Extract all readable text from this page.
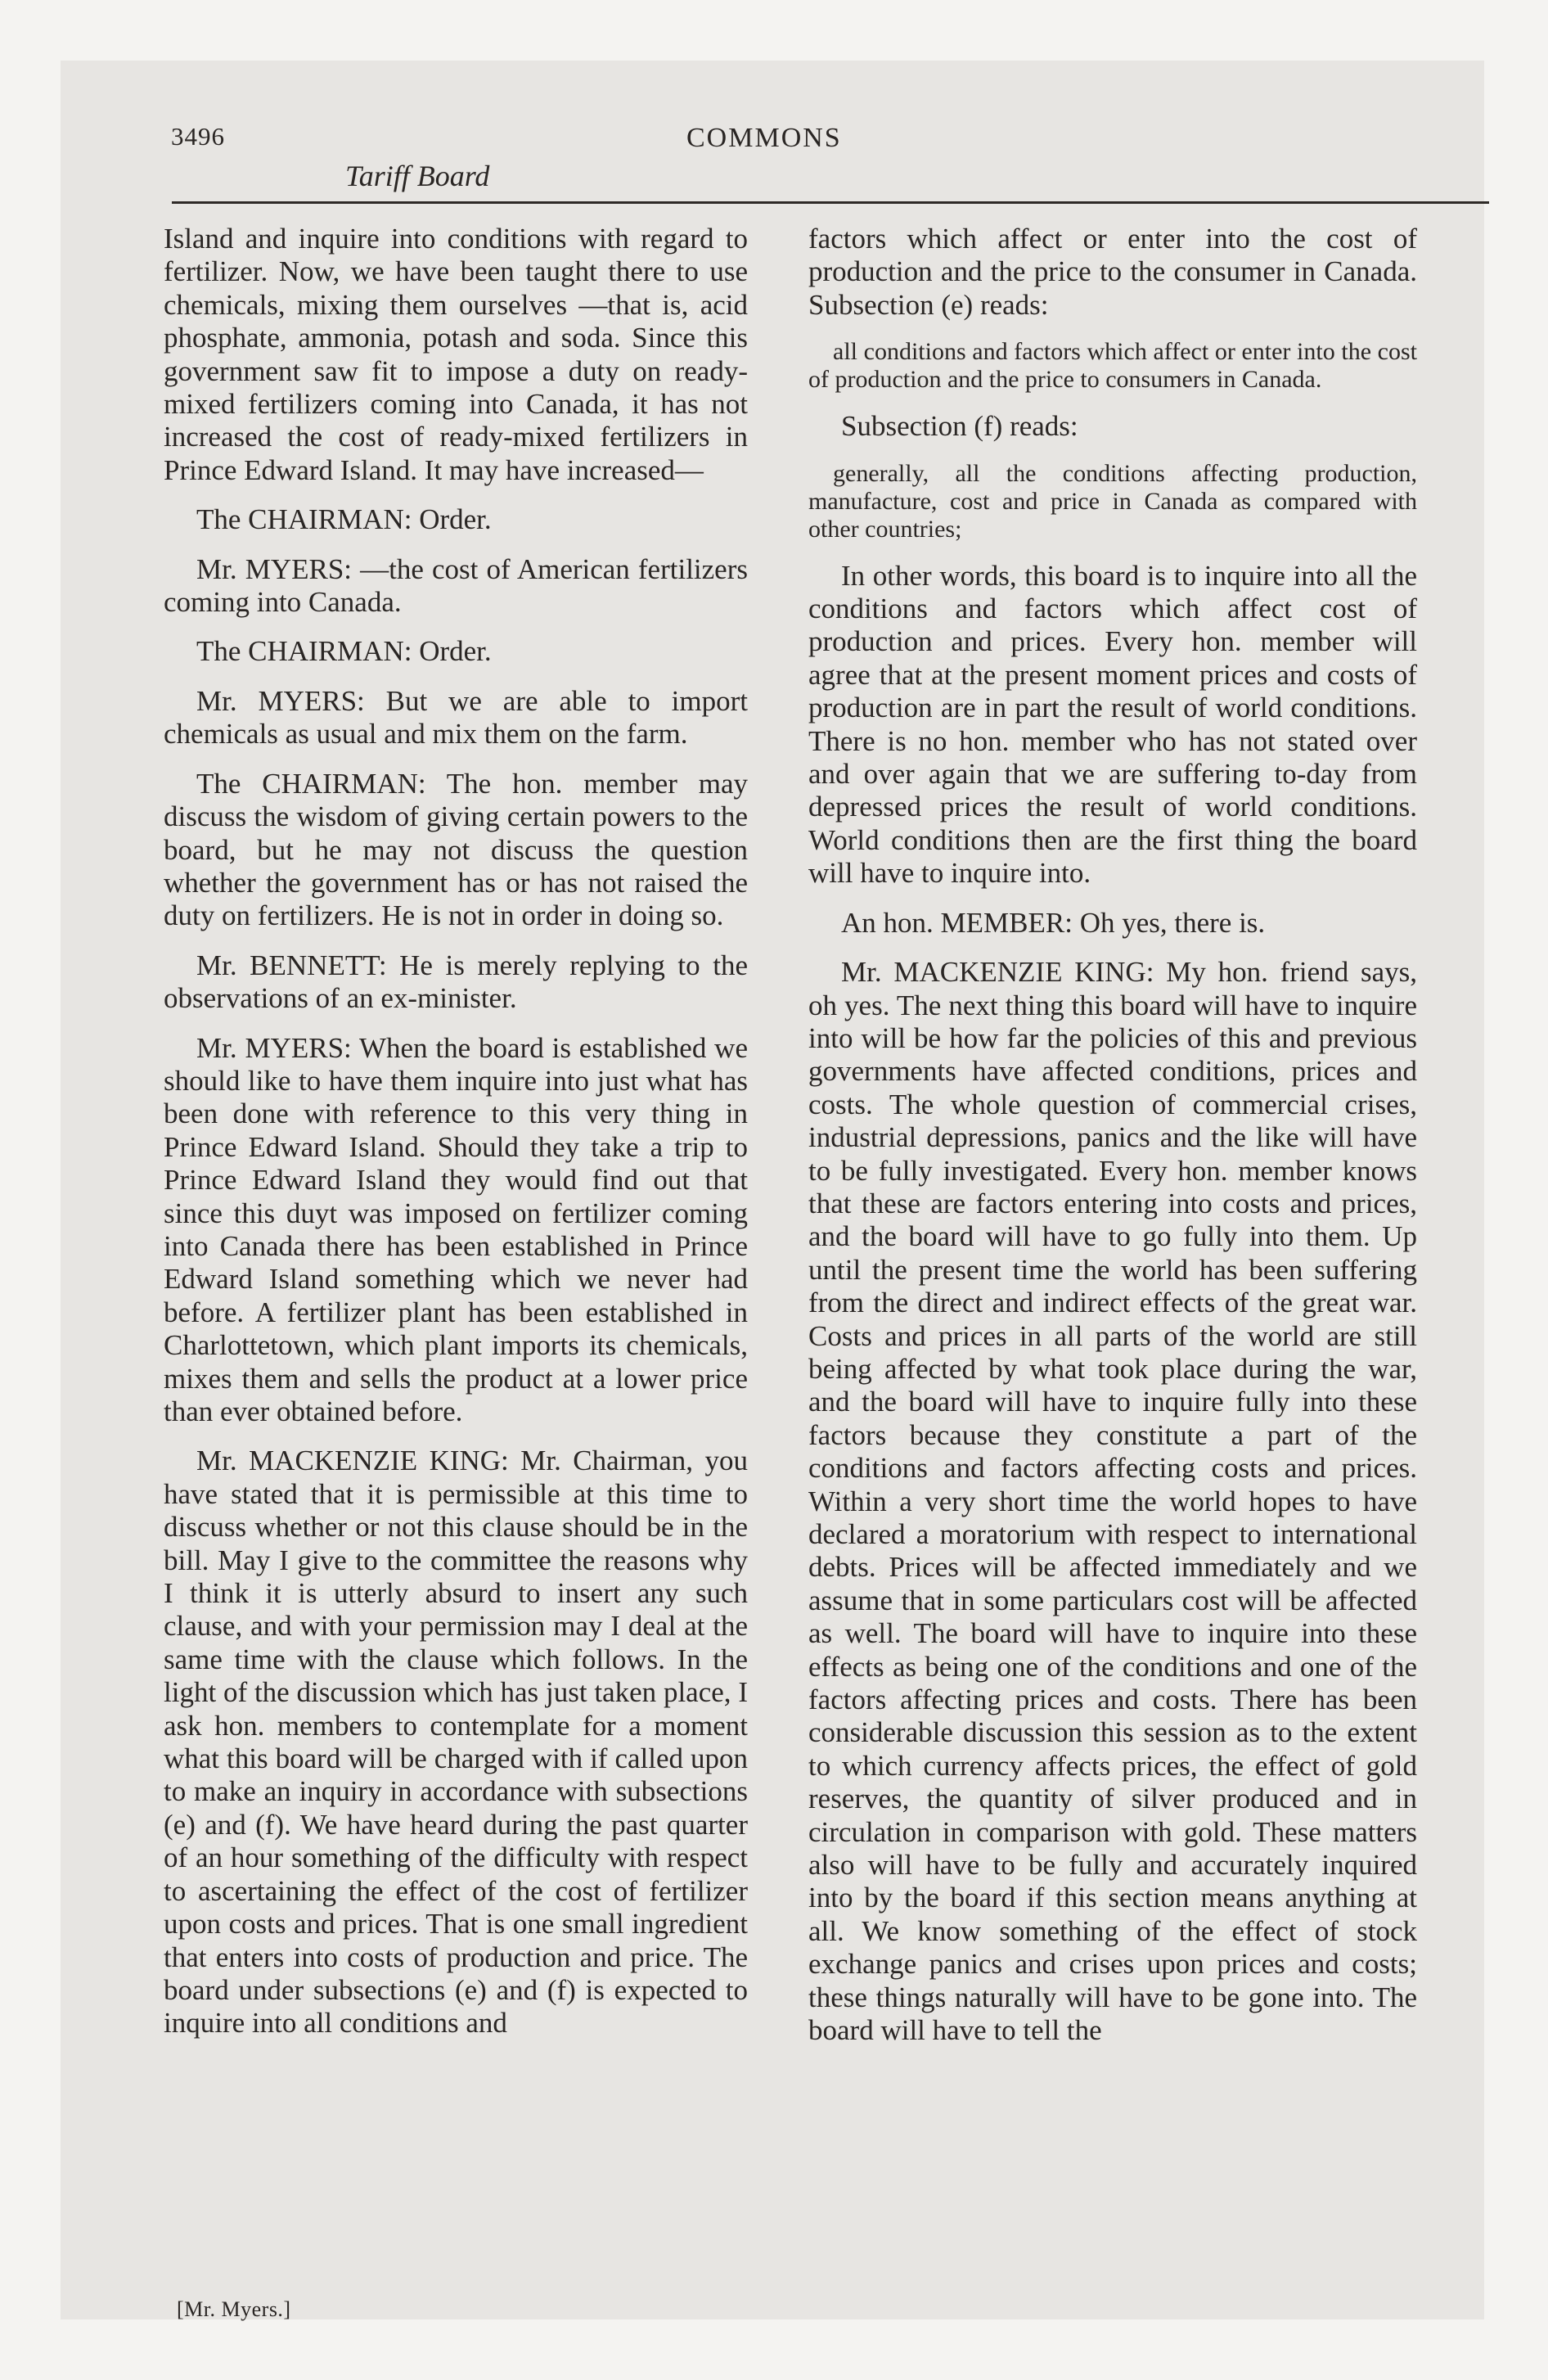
3496	COMMONS
Tariff Board

Island and inquire into conditions with regard to fertilizer. Now, we have been taught there to use chemicals, mixing them ourselves —that is, acid phosphate, ammonia, potash and soda. Since this government saw fit to impose a duty on ready-mixed fertilizers coming into Canada, it has not increased the cost of ready-mixed fertilizers in Prince Edward Island. It may have increased—

The CHAIRMAN: Order.

Mr. MYERS: —the cost of American fertilizers coming into Canada.

The CHAIRMAN: Order.

Mr. MYERS: But we are able to import chemicals as usual and mix them on the farm.

The CHAIRMAN: The hon. member may discuss the wisdom of giving certain powers to the board, but he may not discuss the question whether the government has or has not raised the duty on fertilizers. He is not in order in doing so.

Mr. BENNETT: He is merely replying to the observations of an ex-minister.

Mr. MYERS: When the board is established we should like to have them inquire into just what has been done with reference to this very thing in Prince Edward Island. Should they take a trip to Prince Edward Island they would find out that since this duyt was imposed on fertilizer coming into Canada there has been established in Prince Edward Island something which we never had before. A fertilizer plant has been established in Charlottetown, which plant imports its chemicals, mixes them and sells the product at a lower price than ever obtained before.

Mr. MACKENZIE KING: Mr. Chairman, you have stated that it is permissible at this time to discuss whether or not this clause should be in the bill. May I give to the committee the reasons why I think it is utterly absurd to insert any such clause, and with your permission may I deal at the same time with the clause which follows. In the light of the discussion which has just taken place, I ask hon. members to contemplate for a moment what this board will be charged with if called upon to make an inquiry in accordance with subsections (e) and (f). We have heard during the past quarter of an hour something of the difficulty with respect to ascertaining the effect of the cost of fertilizer upon costs and prices. That is one small ingredient that enters into costs of production and price. The board under subsections (e) and (f) is expected to inquire into all conditions and

factors which affect or enter into the cost of production and the price to the consumer in Canada. Subsection (e) reads:

all conditions and factors which affect or enter into the cost of production and the price to consumers in Canada.

Subsection (f) reads:

generally, all the conditions affecting production, manufacture, cost and price in Canada as compared with other countries;

In other words, this board is to inquire into all the conditions and factors which affect cost of production and prices. Every hon. member will agree that at the present moment prices and costs of production are in part the result of world conditions. There is no hon. member who has not stated over and over again that we are suffering to-day from depressed prices the result of world conditions. World conditions then are the first thing the board will have to inquire into.

An hon. MEMBER: Oh yes, there is.

Mr. MACKENZIE KING: My hon. friend says, oh yes. The next thing this board will have to inquire into will be how far the policies of this and previous governments have affected conditions, prices and costs. The whole question of commercial crises, industrial depressions, panics and the like will have to be fully investigated. Every hon. member knows that these are factors entering into costs and prices, and the board will have to go fully into them. Up until the present time the world has been suffering from the direct and indirect effects of the great war. Costs and prices in all parts of the world are still being affected by what took place during the war, and the board will have to inquire fully into these factors because they constitute a part of the conditions and factors affecting costs and prices. Within a very short time the world hopes to have declared a moratorium with respect to international debts. Prices will be affected immediately and we assume that in some particulars cost will be affected as well. The board will have to inquire into these effects as being one of the conditions and one of the factors affecting prices and costs. There has been considerable discussion this session as to the extent to which currency affects prices, the effect of gold reserves, the quantity of silver produced and in circulation in comparison with gold. These matters also will have to be fully and accurately inquired into by the board if this section means anything at all. We know something of the effect of stock exchange panics and crises upon prices and costs; these things naturally will have to be gone into. The board will have to tell the

[Mr. Myers.]
